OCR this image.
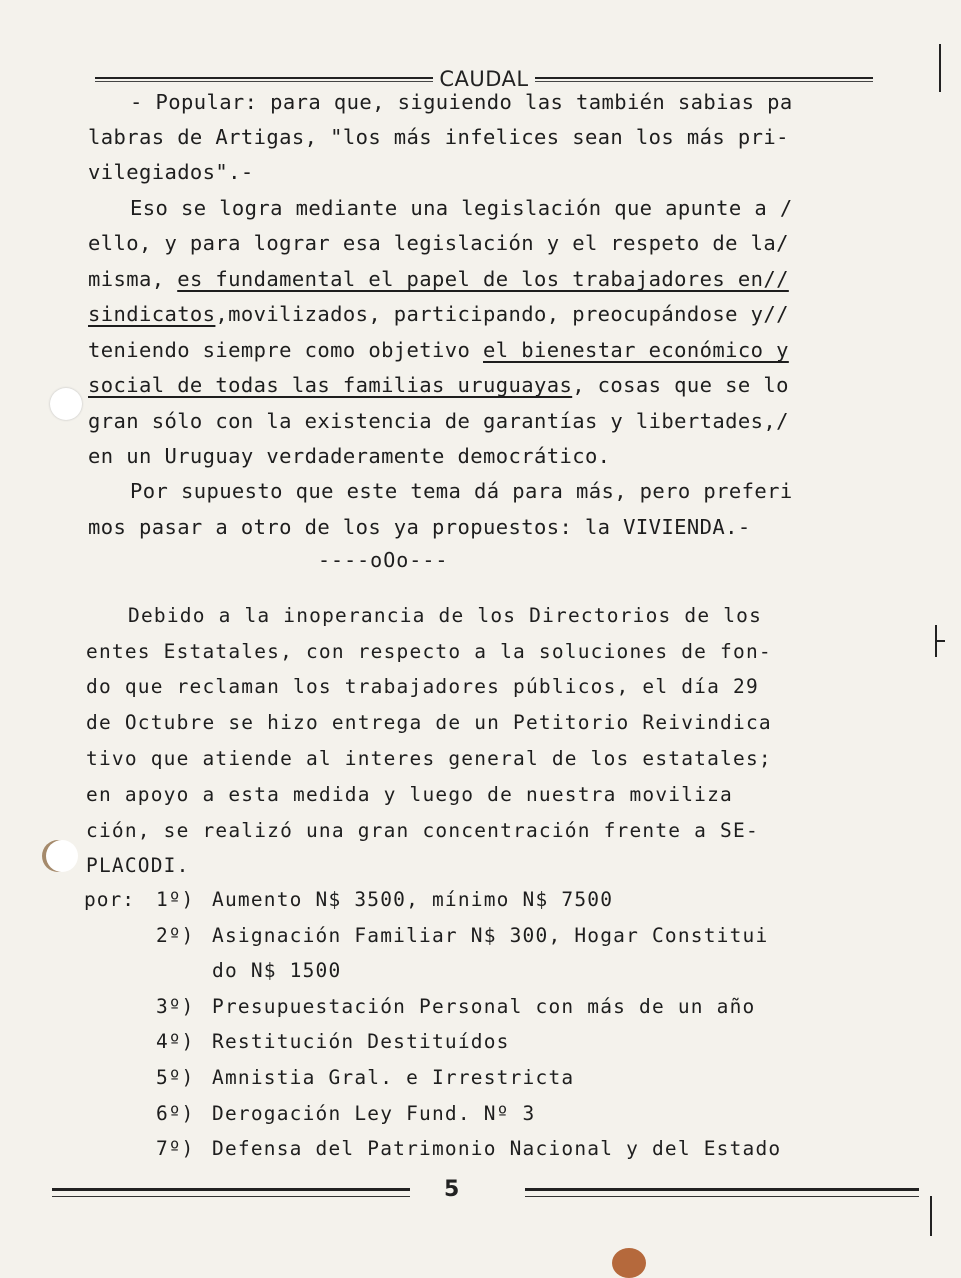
CAUDAL
- Popular: para que, siguiendo las también sabias pa
labras de Artigas, "los más infelices sean los más pri-
vilegiados".-
Eso se logra mediante una legislación que apunte a /
ello, y para lograr esa legislación y el respeto de la/
misma, es fundamental el papel de los trabajadores en//
sindicatos,movilizados, participando, preocupándose y//
teniendo siempre como objetivo el bienestar económico y
social de todas las familias uruguayas, cosas que se lo
gran sólo con la existencia de garantías y libertades,/
en un Uruguay verdaderamente democrático.
Por supuesto que este tema dá para más, pero preferi
mos pasar a otro de los ya propuestos: la VIVIENDA.-
----oOo---
Debido a la inoperancia de los Directorios de los
entes Estatales, con respecto a la soluciones de fon-
do que reclaman los trabajadores públicos, el día 29
de Octubre se hizo entrega de un Petitorio Reivindica
tivo que atiende al interes general de los estatales;
en apoyo a esta medida y luego de nuestra moviliza
ción, se realizó una gran concentración frente a SE-
PLACODI.
por: 1º) Aumento N$ 3500, mínimo N$ 7500
2º) Asignación Familiar N$ 300, Hogar Constitui
do N$ 1500
3º) Presupuestación Personal con más de un año
4º) Restitución Destituídos
5º) Amnistia Gral. e Irrestricta
6º) Derogación Ley Fund. Nº 3
7º) Defensa del Patrimonio Nacional y del Estado
5
